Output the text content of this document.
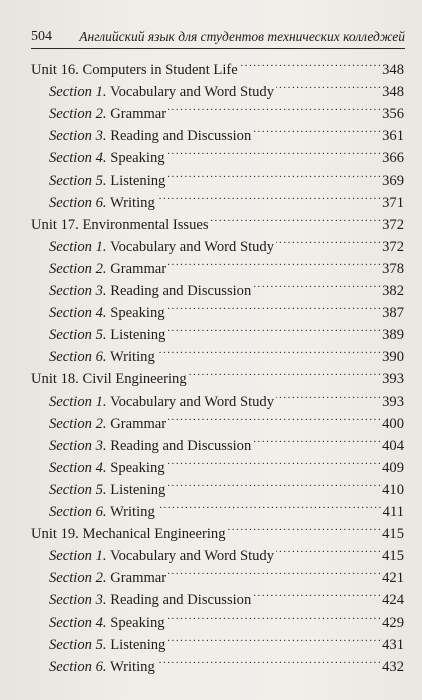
504 Английский язык для студентов технических колледжей
Unit 16. Computers in Student Life . . .	348
Section 1. Vocabulary and Word Study . . .	348
Section 2. Grammar . . .	356
Section 3. Reading and Discussion . . .	361
Section 4. Speaking . . .	366
Section 5. Listening . . .	369
Section 6. Writing . . .	371
Unit 17. Environmental Issues . . .	372
Section 1. Vocabulary and Word Study . . .	372
Section 2. Grammar . . .	378
Section 3. Reading and Discussion . . .	382
Section 4. Speaking . . .	387
Section 5. Listening . . .	389
Section 6. Writing . . .	390
Unit 18. Civil Engineering . . .	393
Section 1. Vocabulary and Word Study . . .	393
Section 2. Grammar . . .	400
Section 3. Reading and Discussion . . .	404
Section 4. Speaking . . .	409
Section 5. Listening . . .	410
Section 6. Writing . . .	411
Unit 19. Mechanical Engineering . . .	415
Section 1. Vocabulary and Word Study . . .	415
Section 2. Grammar . . .	421
Section 3. Reading and Discussion . . .	424
Section 4. Speaking . . .	429
Section 5. Listening . . .	431
Section 6. Writing . . .	432
